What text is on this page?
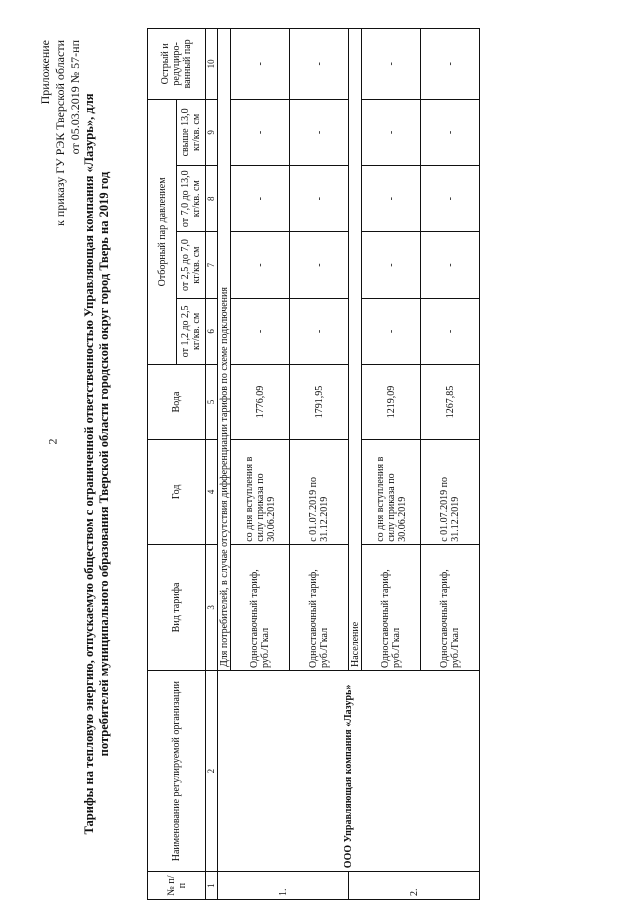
2
Приложение к приказу ГУ РЭК Тверской области от 05.03.2019 № 57-нп Тарифы на тепловую энергию, отпускаемую обществом с ограниченной ответственностью Управляющая компания «Лазурь», для потребителей муниципального образования Тверской области городской округ город Тверь на 2019 год
№ п/п	Наименование регулируемой организации	Вид тарифа	Год	Вода	Отборный пар давлением				Острый и редуциро-ванный пар
					от 1,2 до 2,5 кг/кв. см	от 2,5 до 7,0 кг/кв. см	от 7,0 до 13,0 кг/кв. см	свыше 13,0 кг/кв. см	
1	2	3	4	5	6	7	8	9	10
1.	ООО Управляющая компания «Лазурь»	Для потребителей, в случае отсутствия дифференциации тарифов по схеме подключения							
		Одноставочный тариф, руб./Гкал	со дня вступления в силу приказа по 30.06.2019	1776,09	-	-	-	-	-
		Одноставочный тариф, руб./Гкал	с 01.07.2019 по 31.12.2019	1791,95	-	-	-	-	-
2.		Население							
		Одноставочный тариф, руб./Гкал	со дня вступления в силу приказа по 30.06.2019	1219,09	-	-	-	-	-
		Одноставочный тариф, руб./Гкал	с 01.07.2019 по 31.12.2019	1267,85	-	-	-	-	-
